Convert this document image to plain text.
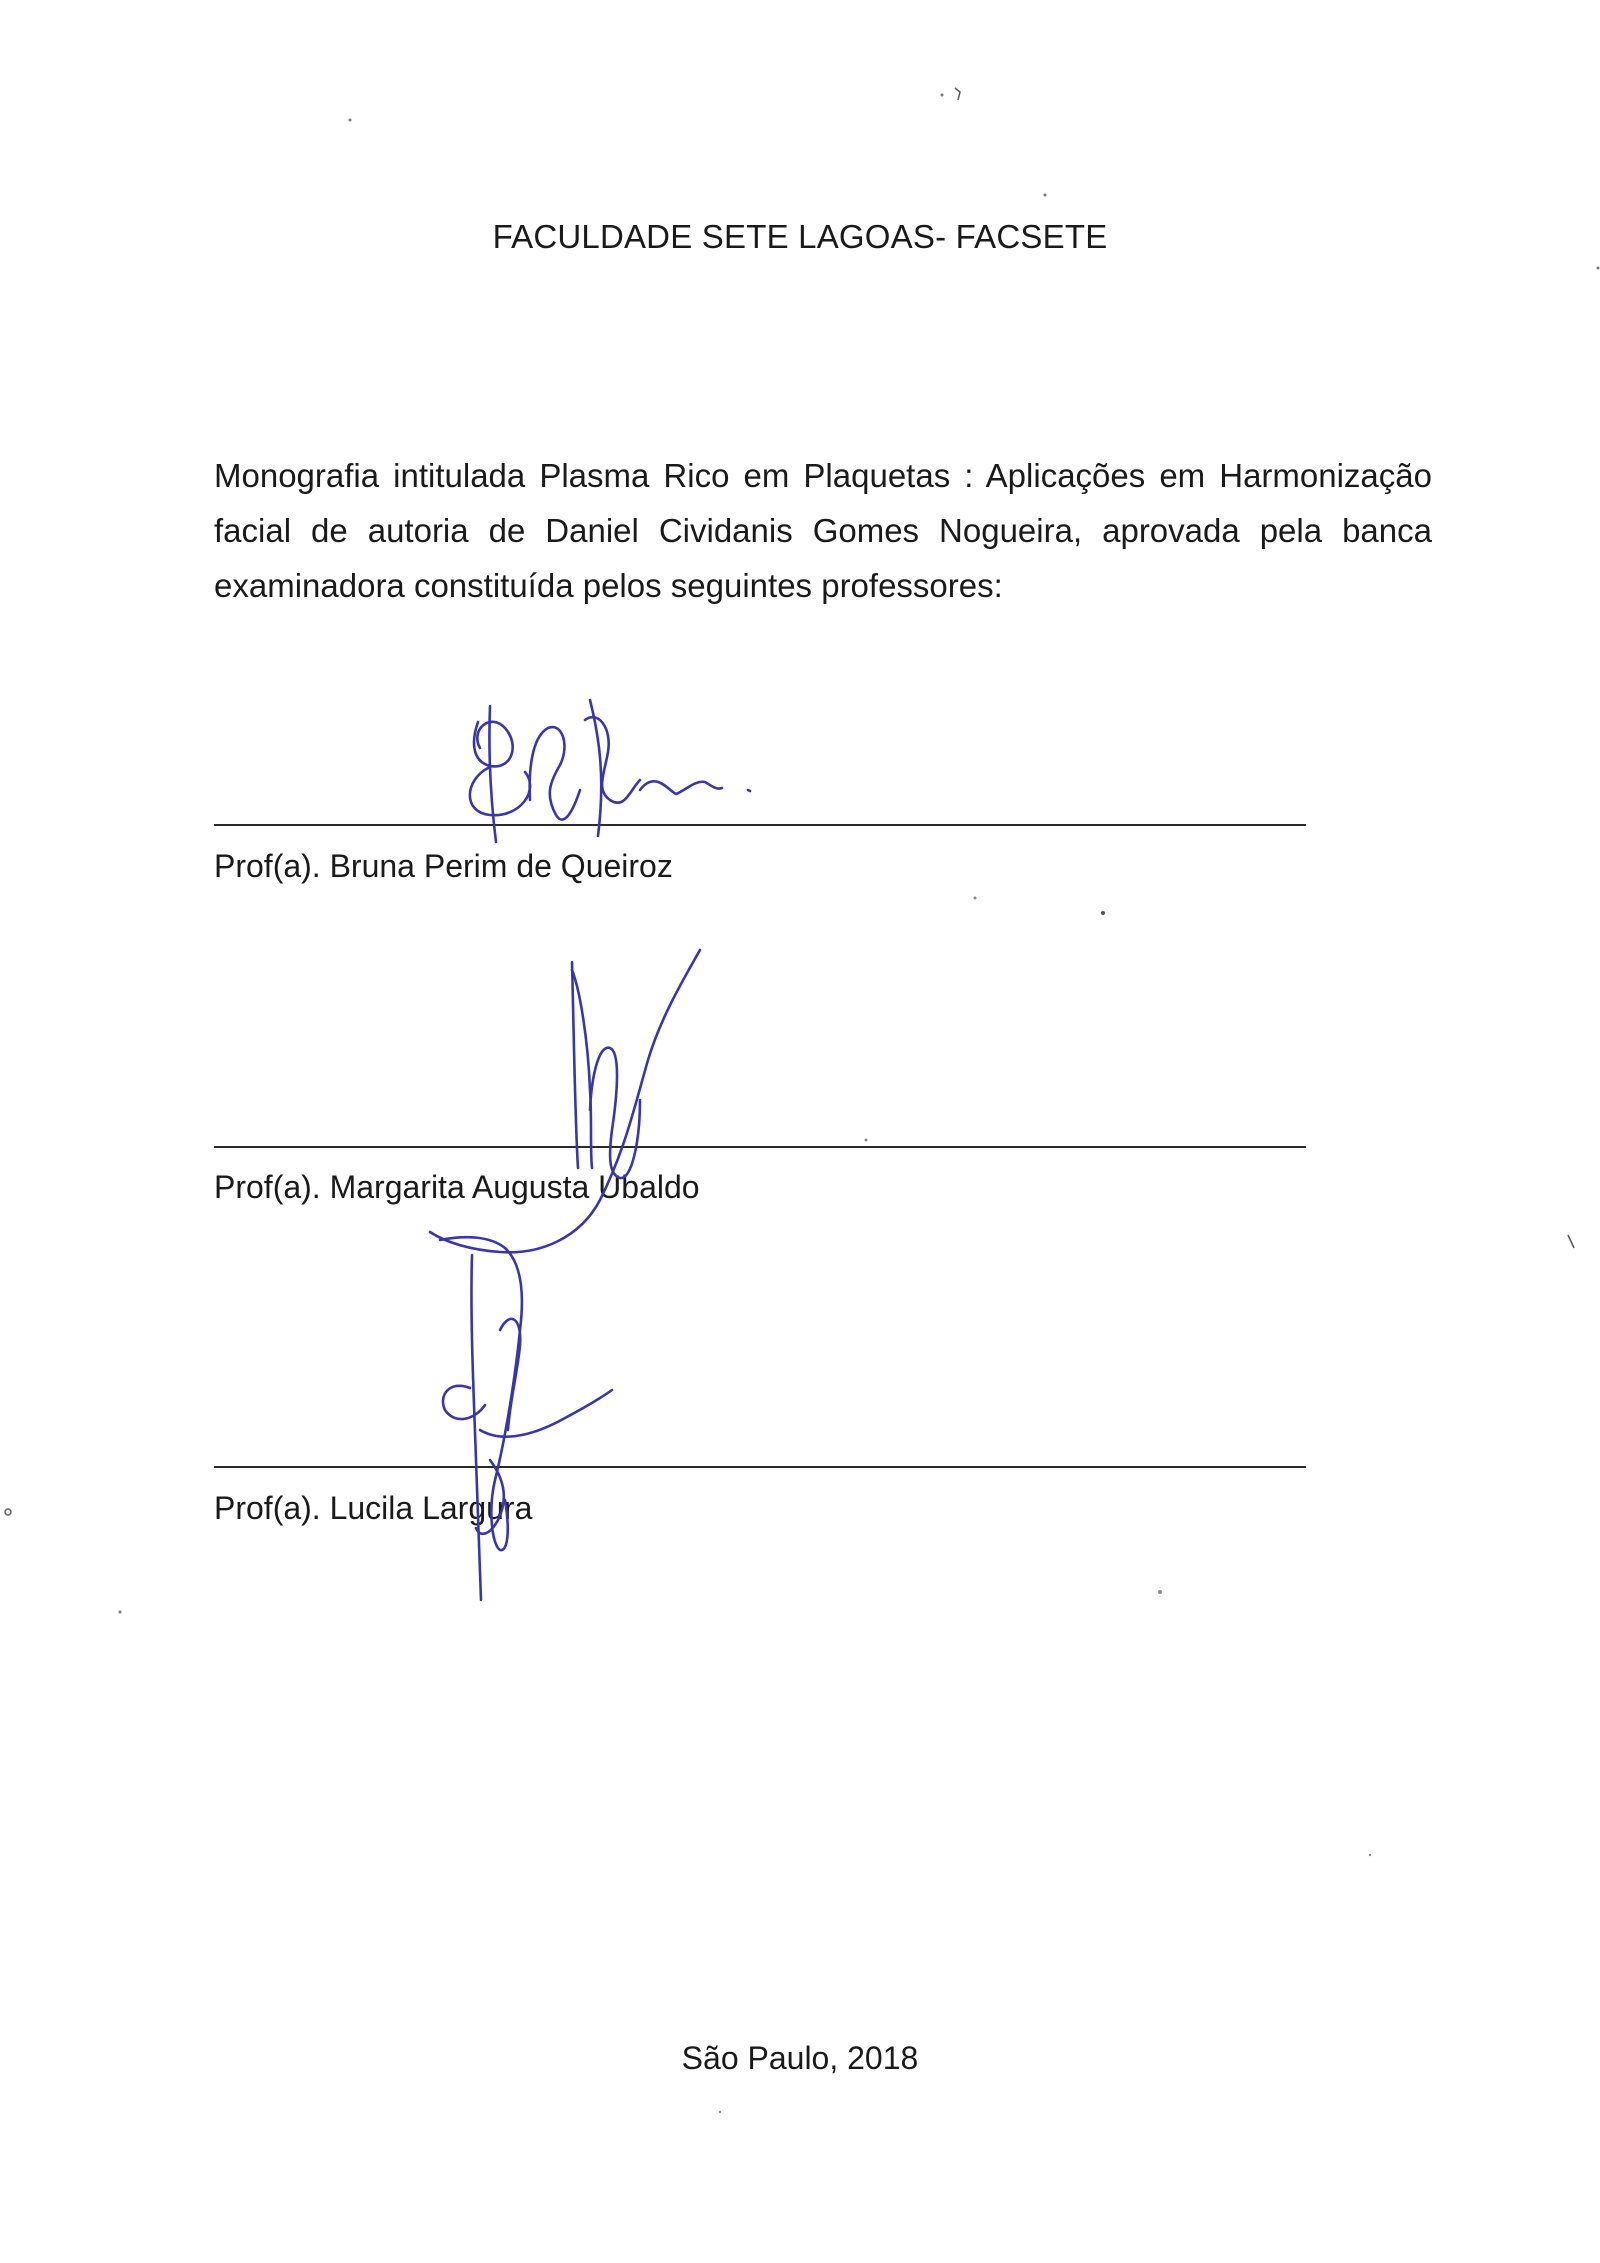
FACULDADE SETE LAGOAS- FACSETE

Monografia intitulada Plasma Rico em Plaquetas : Aplicações em Harmonização facial de autoria de Daniel Cividanis Gomes Nogueira, aprovada pela banca examinadora constituída pelos seguintes professores:

Prof(a). Bruna Perim de Queiroz
Prof(a). Margarita Augusta Ubaldo
Prof(a). Lucila Largura
São Paulo, 2018
